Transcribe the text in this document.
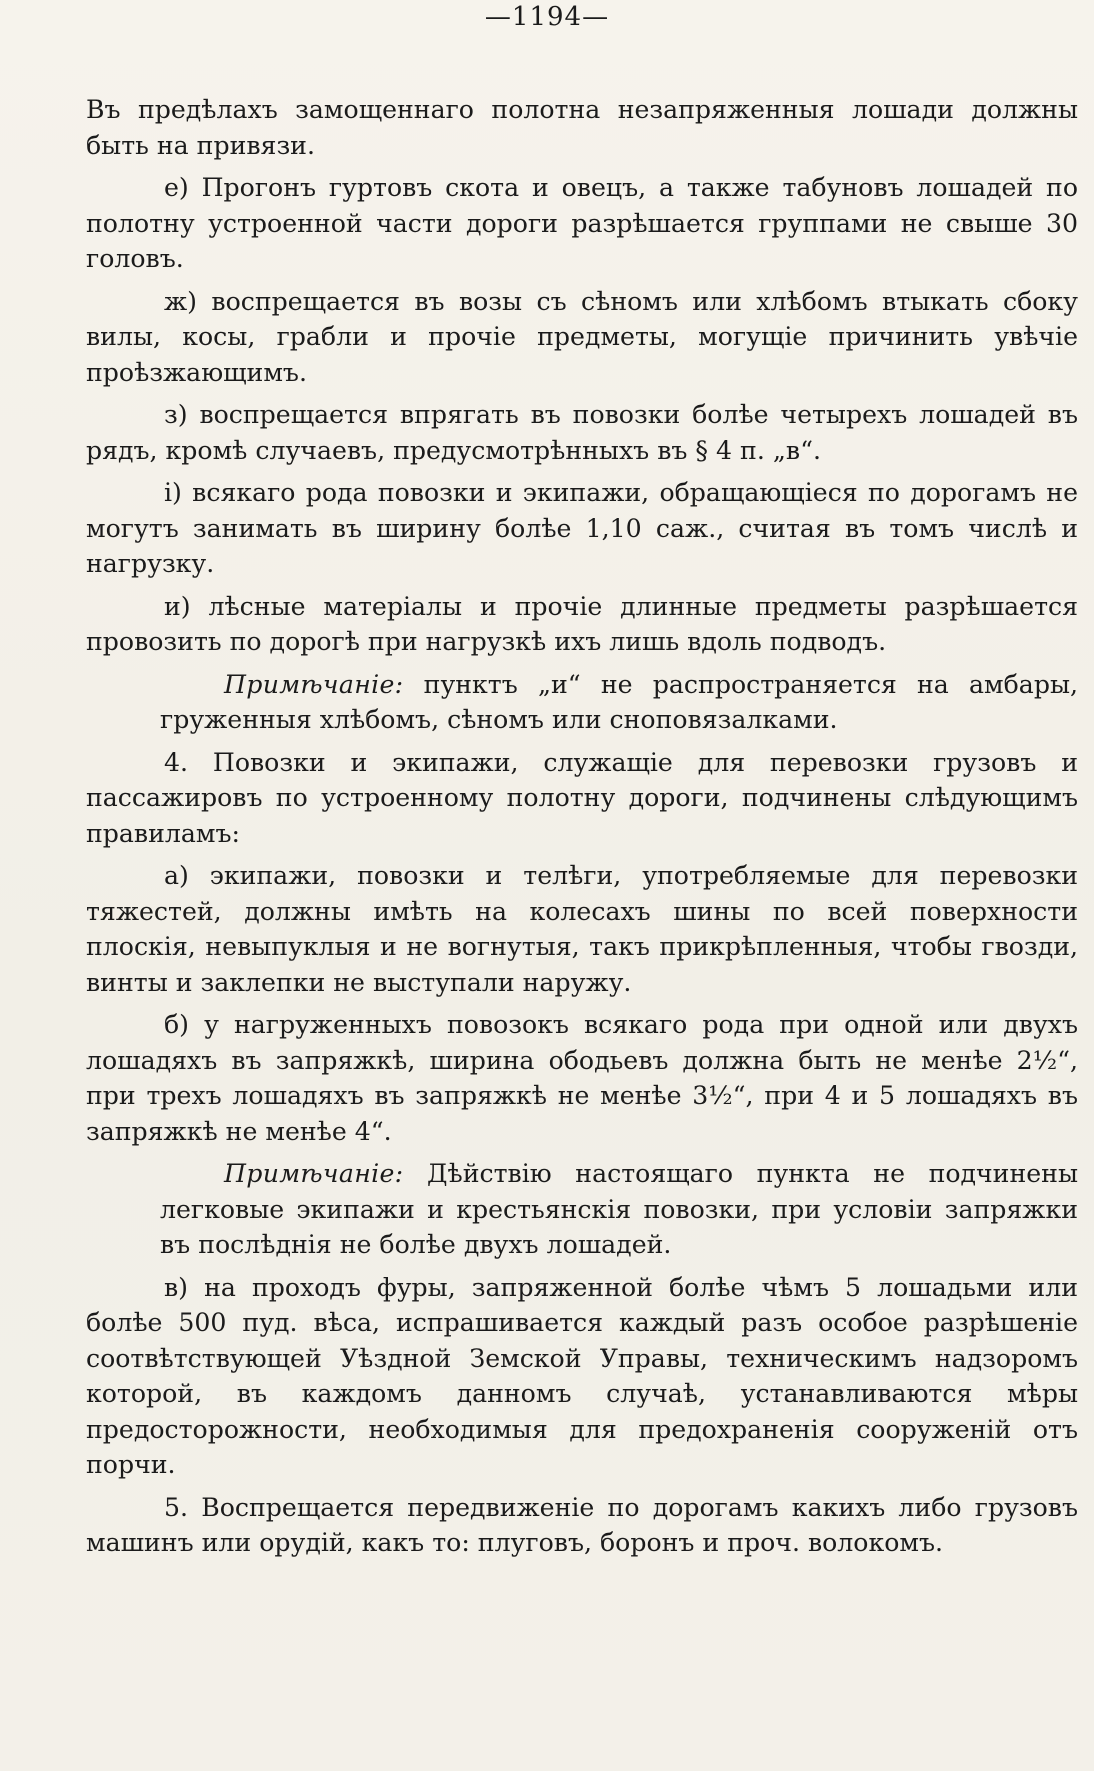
—1194—

Въ предѣлахъ замощеннаго полотна незапряженныя лошади должны быть на привязи.

е) Прогонъ гуртовъ скота и овецъ, а также табуновъ лошадей по полотну устроенной части дороги разрѣшается группами не свыше 30 головъ.

ж) воспрещается въ возы съ сѣномъ или хлѣбомъ втыкать сбоку вилы, косы, грабли и прочіе предметы, могущіе причинить увѣчіе проѣзжающимъ.

з) воспрещается впрягать въ повозки болѣе четырехъ лошадей въ рядъ, кромѣ случаевъ, предусмотрѣнныхъ въ § 4 п. „в“.

і) всякаго рода повозки и экипажи, обращающіеся по дорогамъ не могутъ занимать въ ширину болѣе 1,10 саж., считая въ томъ числѣ и нагрузку.

и) лѣсные матеріалы и прочіе длинные предметы разрѣшается провозить по дорогѣ при нагрузкѣ ихъ лишь вдоль подводъ.

Примѣчаніе: пунктъ „и“ не распространяется на амбары, груженныя хлѣбомъ, сѣномъ или сноповязалками.

4. Повозки и экипажи, служащіе для перевозки грузовъ и пассажировъ по устроенному полотну дороги, подчинены слѣдующимъ правиламъ:

а) экипажи, повозки и телѣги, употребляемые для перевозки тяжестей, должны имѣть на колесахъ шины по всей поверхности плоскія, невыпуклыя и не вогнутыя, такъ прикрѣпленныя, чтобы гвозди, винты и заклепки не выступали наружу.

б) у нагруженныхъ повозокъ всякаго рода при одной или двухъ лошадяхъ въ запряжкѣ, ширина ободьевъ должна быть не менѣе 2½“, при трехъ лошадяхъ въ запряжкѣ не менѣе 3½“, при 4 и 5 лошадяхъ въ запряжкѣ не менѣе 4“.

Примѣчаніе: Дѣйствію настоящаго пункта не подчинены легковые экипажи и крестьянскія повозки, при условіи запряжки въ послѣднія не болѣе двухъ лошадей.

в) на проходъ фуры, запряженной болѣе чѣмъ 5 лошадьми или болѣе 500 пуд. вѣса, испрашивается каждый разъ особое разрѣшеніе соотвѣтствующей Уѣздной Земской Управы, техническимъ надзоромъ которой, въ каждомъ данномъ случаѣ, устанавливаются мѣры предосторожности, необходимыя для предохраненія сооруженій отъ порчи.

5. Воспрещается передвиженіе по дорогамъ какихъ либо грузовъ машинъ или орудій, какъ то: плуговъ, боронъ и проч. волокомъ.
